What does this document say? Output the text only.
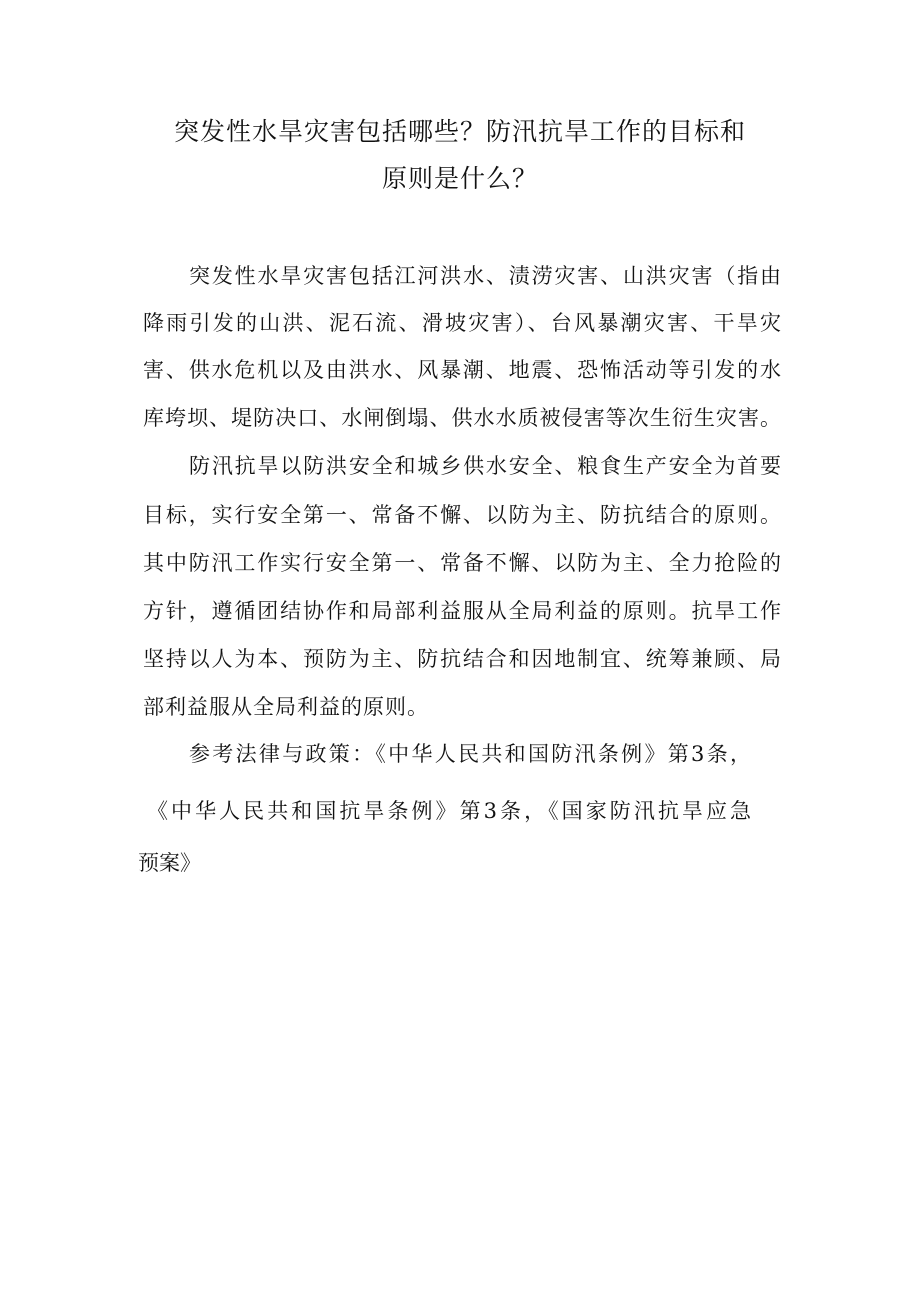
突发性水旱灾害包括哪些？防汛抗旱工作的目标和
原则是什么？
突发性水旱灾害包括江河洪水、渍涝灾害、山洪灾害（指由
降雨引发的山洪、泥石流、滑坡灾害）、台风暴潮灾害、干旱灾
害、供水危机以及由洪水、风暴潮、地震、恐怖活动等引发的水
库垮坝、堤防决口、水闸倒塌、供水水质被侵害等次生衍生灾害。
防汛抗旱以防洪安全和城乡供水安全、粮食生产安全为首要
目标，实行安全第一、常备不懈、以防为主、防抗结合的原则。
其中防汛工作实行安全第一、常备不懈、以防为主、全力抢险的
方针，遵循团结协作和局部利益服从全局利益的原则。抗旱工作
坚持以人为本、预防为主、防抗结合和因地制宜、统筹兼顾、局
部利益服从全局利益的原则。
参考法律与政策：《中华人民共和国防汛条例》第3条，
《中华人民共和国抗旱条例》第3条，《国家防汛抗旱应急
预案》
